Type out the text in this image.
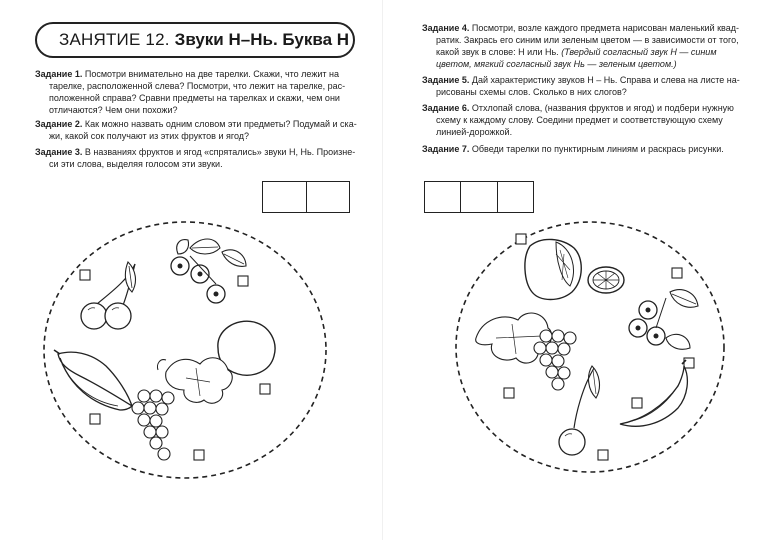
ЗАНЯТИЕ 12. Звуки Н–Нь. Буква Н
Задание 1. Посмотри внимательно на две тарелки. Скажи, что лежит на
тарелке, расположенной слева? Посмотри, что лежит на тарелке, рас-
положенной справа? Сравни предметы на тарелках и скажи, чем они
отличаются? Чем они похожи?
Задание 2. Как можно назвать одним словом эти предметы? Подумай и ска-
жи, какой сок получают из этих фруктов и ягод?
Задание 3. В названиях фруктов и ягод «спрятались» звуки Н, Нь. Произне-
си эти слова, выделяя голосом эти звуки.
Задание 4. Посмотри, возле каждого предмета нарисован маленький квад-
ратик. Закрась его синим или зеленым цветом — в зависимости от того,
какой звук в слове: Н или Нь. (Твердый согласный звук Н — синим
цветом, мягкий согласный звук Нь — зеленым цветом.)
Задание 5. Дай характеристику звуков Н – Нь. Справа и слева на листе на-
рисованы схемы слов. Сколько в них слогов?
Задание 6. Отхлопай слова, (названия фруктов и ягод) и подбери нужную
схему к каждому слову. Соедини предмет и соответствующую схему
линией-дорожкой.
Задание 7. Обведи тарелки по пунктирным линиям и раскрась рисунки.
